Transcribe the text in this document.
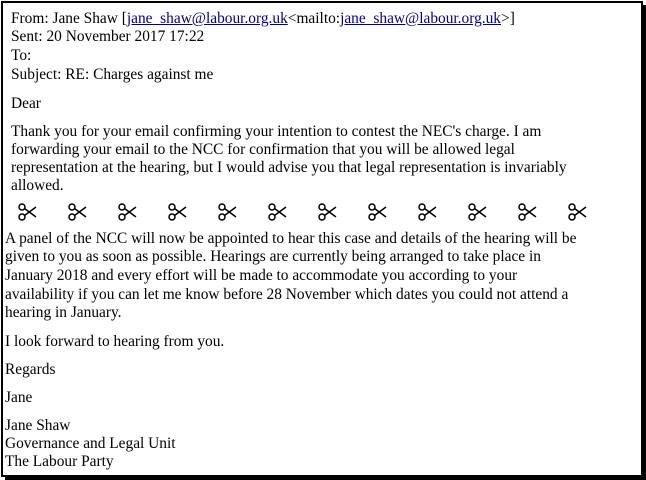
From: Jane Shaw [jane_shaw@labour.org.uk<mailto:jane_shaw@labour.org.uk>]
Sent: 20 November 2017 17:22
To:
Subject: RE: Charges against me
Dear
Thank you for your email confirming your intention to contest the NEC's charge. I am
forwarding your email to the NCC for confirmation that you will be allowed legal
representation at the hearing, but I would advise you that legal representation is invariably
allowed.
A panel of the NCC will now be appointed to hear this case and details of the hearing will be
given to you as soon as possible. Hearings are currently being arranged to take place in
January 2018 and every effort will be made to accommodate you according to your
availability if you can let me know before 28 November which dates you could not attend a
hearing in January.
I look forward to hearing from you.
Regards
Jane
Jane Shaw
Governance and Legal Unit
The Labour Party
